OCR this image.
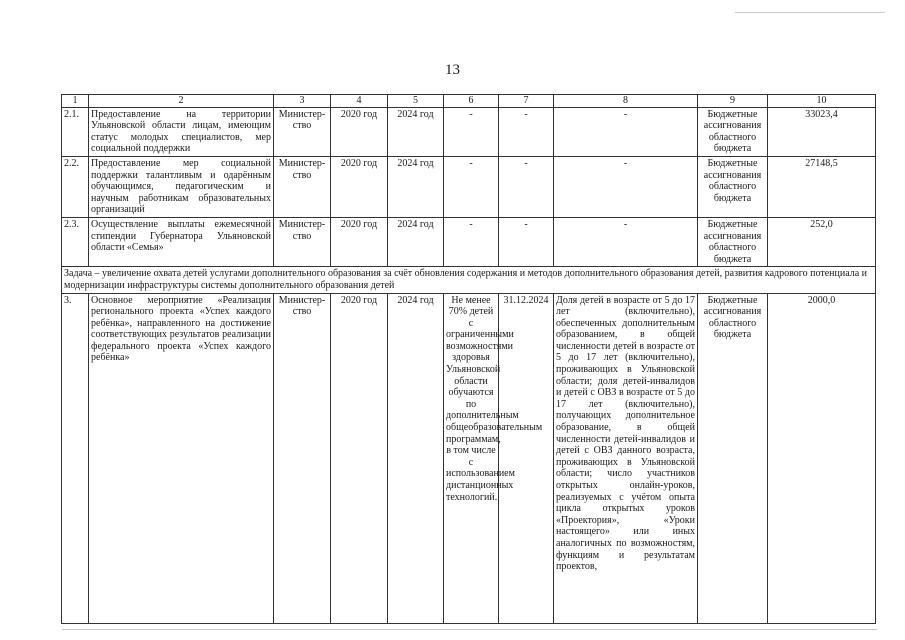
13
1	2	3	4	5	6	7	8	9	10
2.1.	Предоставление на территории Ульяновской области лицам, имеющим статус молодых специалистов, мер социальной поддержки	Министер-ство	2020 год	2024 год	-	-	-	Бюджетные ассигнования областного бюджета	33023,4
2.2.	Предоставление мер социальной поддержки талантливым и одарённым обучающимся, педагогическим и научным работникам образовательных организаций	Министер-ство	2020 год	2024 год	-	-	-	Бюджетные ассигнования областного бюджета	27148,5
2.3.	Осуществление выплаты ежемесячной стипендии Губернатора Ульяновской области «Семья»	Министер-ство	2020 год	2024 год	-	-	-	Бюджетные ассигнования областного бюджета	252,0
Задача – увеличение охвата детей услугами дополнительного образования за счёт обновления содержания и методов дополнительного образования детей, развития кадрового потенциала и модернизации инфраструктуры системы дополнительного образования детей									
3.	Основное мероприятие «Реализация регионального проекта «Успех каждого ребёнка», направленного на достижение соответствующих результатов реализации федерального проекта «Успех каждого ребёнка»	Министер-ство	2020 год	2024 год	Не менее 70% детей с ограниченными возможностями здоровья Ульяновской области обучаются по дополнительным общеобразовательным программам, в том числе с использованием дистанционных технологий.	31.12.2024	Доля детей в возрасте от 5 до 17 лет (включительно), обеспеченных дополнительным образованием, в общей численности детей в возрасте от 5 до 17 лет (включительно), проживающих в Ульяновской области; доля детей-инвалидов и детей с ОВЗ в возрасте от 5 до 17 лет (включительно), получающих дополнительное образование, в общей численности детей-инвалидов и детей с ОВЗ данного возраста, проживающих в Ульяновской области; число участников открытых онлайн-уроков, реализуемых с учётом опыта цикла открытых уроков «Проектория», «Уроки настоящего» или иных аналогичных по возможностям, функциям и результатам проектов,	Бюджетные ассигнования областного бюджета	2000,0
